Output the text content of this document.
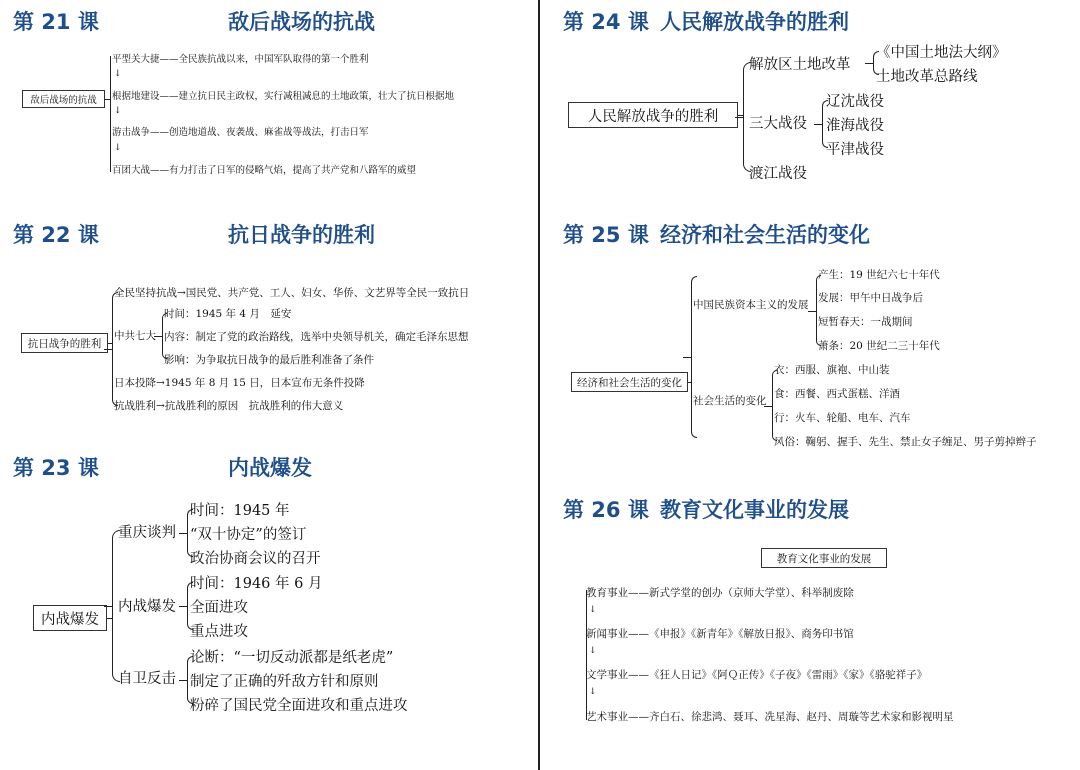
第 21 课	敌后战场的抗战
敌后战场的抗战
平型关大捷——全民族抗战以来，中国军队取得的第一个胜利
↓
根据地建设——建立抗日民主政权，实行减租减息的土地政策，壮大了抗日根据地
↓
游击战争——创造地道战、夜袭战、麻雀战等战法，打击日军
↓
百团大战——有力打击了日军的侵略气焰，提高了共产党和八路军的威望
第 22 课	抗日战争的胜利
抗日战争的胜利
全民坚持抗战→国民党、共产党、工人、妇女、华侨、文艺界等全民一致抗日
中共七大
时间：1945 年 4 月　延安
内容：制定了党的政治路线，选举中央领导机关，确定毛泽东思想
影响：为争取抗日战争的最后胜利准备了条件
日本投降→1945 年 8 月 15 日，日本宣布无条件投降
抗战胜利→抗战胜利的原因　抗战胜利的伟大意义
第 23 课	内战爆发
内战爆发
重庆谈判
时间：1945 年
“双十协定”的签订
政治协商会议的召开
内战爆发
时间：1946 年 6 月
全面进攻
重点进攻
自卫反击
论断：“一切反动派都是纸老虎”
制定了正确的歼敌方针和原则
粉碎了国民党全面进攻和重点进攻
第 24 课 人民解放战争的胜利
人民解放战争的胜利
解放区土地改革
《中国土地法大纲》
土地改革总路线
三大战役
辽沈战役
淮海战役
平津战役
渡江战役
第 25 课 经济和社会生活的变化
经济和社会生活的变化
中国民族资本主义的发展
产生：19 世纪六七十年代
发展：甲午中日战争后
短暂春天：一战期间
萧条：20 世纪二三十年代
社会生活的变化
衣：西服、旗袍、中山装
食：西餐、西式蛋糕、洋酒
行：火车、轮船、电车、汽车
风俗：鞠躬、握手、先生、禁止女子缠足、男子剪掉辫子
第 26 课 教育文化事业的发展
教育文化事业的发展
教育事业——新式学堂的创办（京师大学堂）、科举制废除
↓
新闻事业——《申报》《新青年》《解放日报》、商务印书馆
↓
文学事业——《狂人日记》《阿Ｑ正传》《子夜》《雷雨》《家》《骆驼祥子》
↓
艺术事业——齐白石、徐悲鸿、聂耳、冼星海、赵丹、周璇等艺术家和影视明星
